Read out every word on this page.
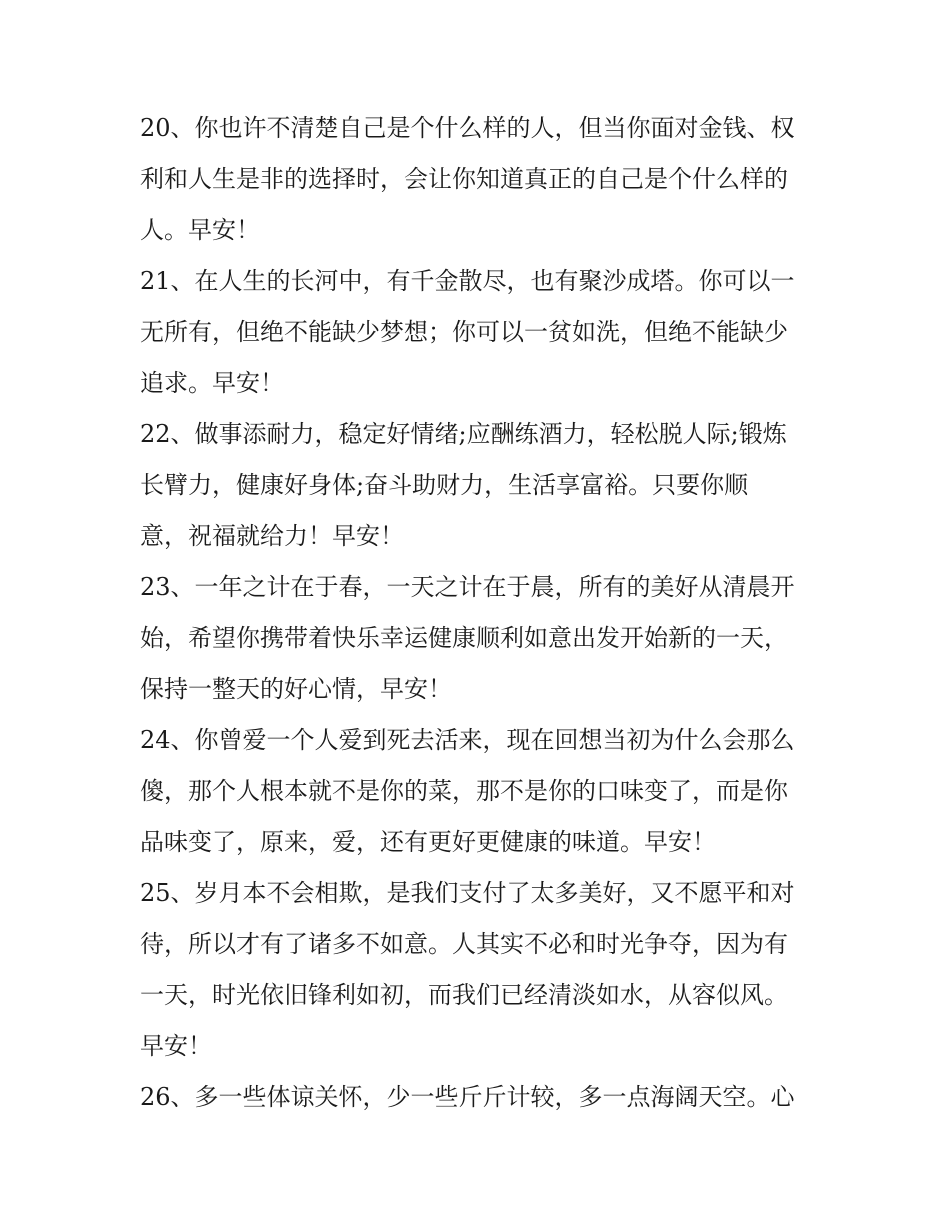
20、你也许不清楚自己是个什么样的人，但当你面对金钱、权
利和人生是非的选择时，会让你知道真正的自己是个什么样的
人。早安！
21、在人生的长河中，有千金散尽，也有聚沙成塔。你可以一
无所有，但绝不能缺少梦想；你可以一贫如洗，但绝不能缺少
追求。早安！
22、做事添耐力，稳定好情绪;应酬练酒力，轻松脱人际;锻炼
长臂力，健康好身体;奋斗助财力，生活享富裕。只要你顺
意，祝福就给力！早安！
23、一年之计在于春，一天之计在于晨，所有的美好从清晨开
始，希望你携带着快乐幸运健康顺利如意出发开始新的一天，
保持一整天的好心情，早安！
24、你曾爱一个人爱到死去活来，现在回想当初为什么会那么
傻，那个人根本就不是你的菜，那不是你的口味变了，而是你
品味变了，原来，爱，还有更好更健康的味道。早安！
25、岁月本不会相欺，是我们支付了太多美好，又不愿平和对
待，所以才有了诸多不如意。人其实不必和时光争夺，因为有
一天，时光依旧锋利如初，而我们已经清淡如水，从容似风。
早安！
26、多一些体谅关怀，少一些斤斤计较，多一点海阔天空。心
